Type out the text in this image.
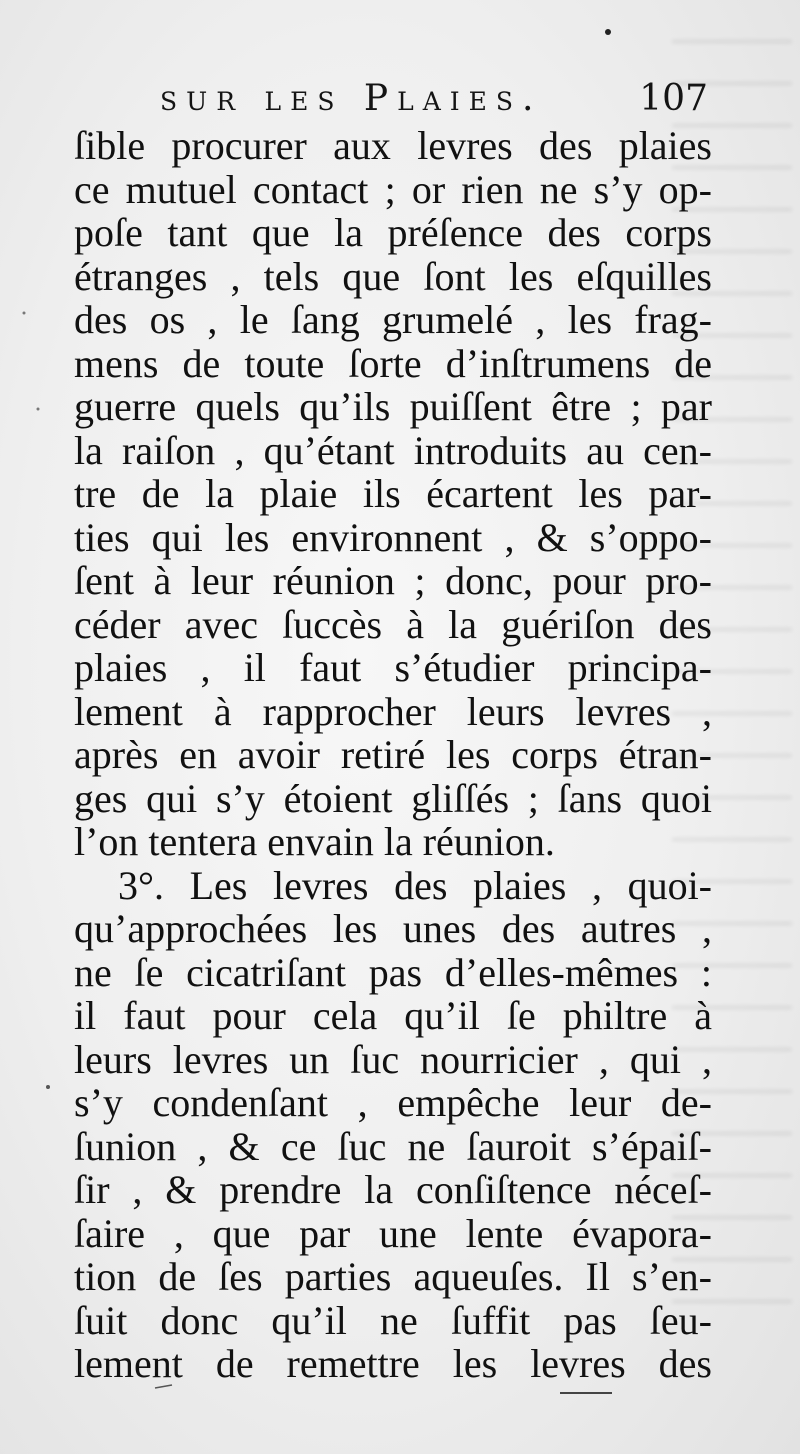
sur les Plaies.	107
ſible procurer aux levres des plaies
ce mutuel contact ; or rien ne s’y op-
poſe tant que la préſence des corps
étranges , tels que ſont les eſquilles
des os , le ſang grumelé , les frag-
mens de toute ſorte d’inſtrumens de
guerre quels qu’ils puiſſent être ; par
la raiſon , qu’étant introduits au cen-
tre de la plaie ils écartent les par-
ties qui les environnent , & s’oppo-
ſent à leur réunion ; donc, pour pro-
céder avec ſuccès à la guériſon des
plaies , il faut s’étudier principa-
lement à rapprocher leurs levres ,
après en avoir retiré les corps étran-
ges qui s’y étoient gliſſés ; ſans quoi
l’on tentera envain la réunion.
3°. Les levres des plaies , quoi-
qu’approchées les unes des autres ,
ne ſe cicatriſant pas d’elles-mêmes :
il faut pour cela qu’il ſe philtre à
leurs levres un ſuc nourricier , qui ,
s’y condenſant , empêche leur de-
ſunion , & ce ſuc ne ſauroit s’épaiſ-
ſir , & prendre la conſiſtence néceſ-
ſaire , que par une lente évapora-
tion de ſes parties aqueuſes. Il s’en-
ſuit donc qu’il ne ſuffit pas ſeu-
lement de remettre les levres des
